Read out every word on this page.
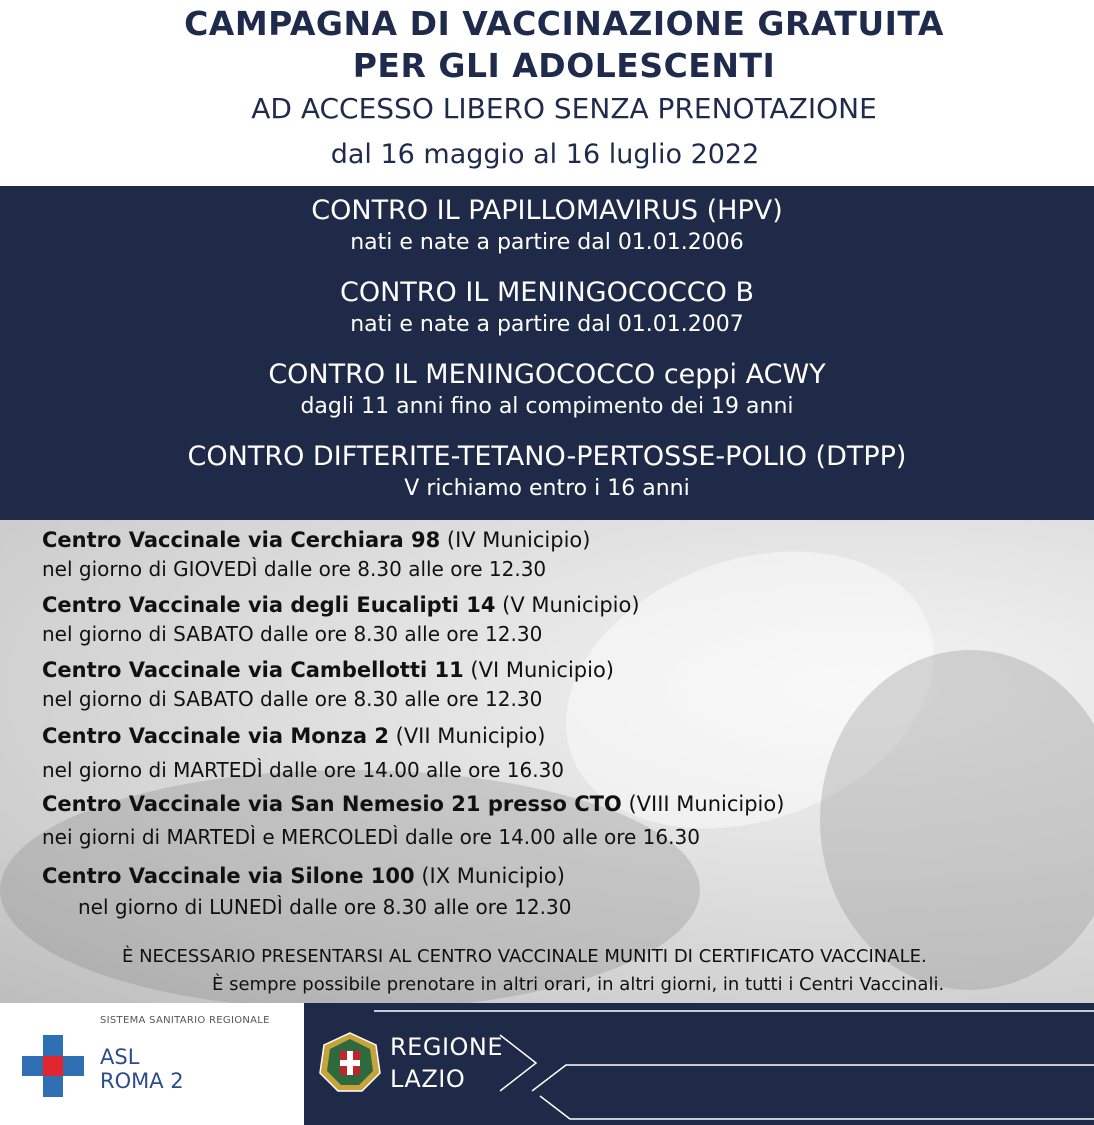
CAMPAGNA DI VACCINAZIONE GRATUITA
PER GLI ADOLESCENTI
AD ACCESSO LIBERO SENZA PRENOTAZIONE
dal 16 maggio al 16 luglio 2022
CONTRO IL PAPILLOMAVIRUS (HPV)
nati e nate a partire dal 01.01.2006
CONTRO IL MENINGOCOCCO B
nati e nate a partire dal 01.01.2007
CONTRO IL MENINGOCOCCO ceppi ACWY
dagli 11 anni fino al compimento dei 19 anni
CONTRO DIFTERITE-TETANO-PERTOSSE-POLIO (DTPP)
V richiamo entro i 16 anni
Centro Vaccinale via Cerchiara 98 (IV Municipio)
nel giorno di GIOVEDÌ dalle ore 8.30 alle ore 12.30
Centro Vaccinale via degli Eucalipti 14 (V Municipio)
nel giorno di SABATO dalle ore 8.30 alle ore 12.30
Centro Vaccinale via Cambellotti 11 (VI Municipio)
nel giorno di SABATO dalle ore 8.30 alle ore 12.30
Centro Vaccinale via Monza 2 (VII Municipio)
nel giorno di MARTEDÌ dalle ore 14.00 alle ore 16.30
Centro Vaccinale via San Nemesio 21 presso CTO (VIII Municipio)
nei giorni di MARTEDÌ e MERCOLEDÌ dalle ore 14.00 alle ore 16.30
Centro Vaccinale via Silone 100 (IX Municipio)
nel giorno di LUNEDÌ dalle ore 8.30 alle ore 12.30
È NECESSARIO PRESENTARSI AL CENTRO VACCINALE MUNITI DI CERTIFICATO VACCINALE.
È sempre possibile prenotare in altri orari, in altri giorni, in tutti i Centri Vaccinali.
SISTEMA SANITARIO REGIONALE
ASL
ROMA 2
REGIONE
LAZIO
